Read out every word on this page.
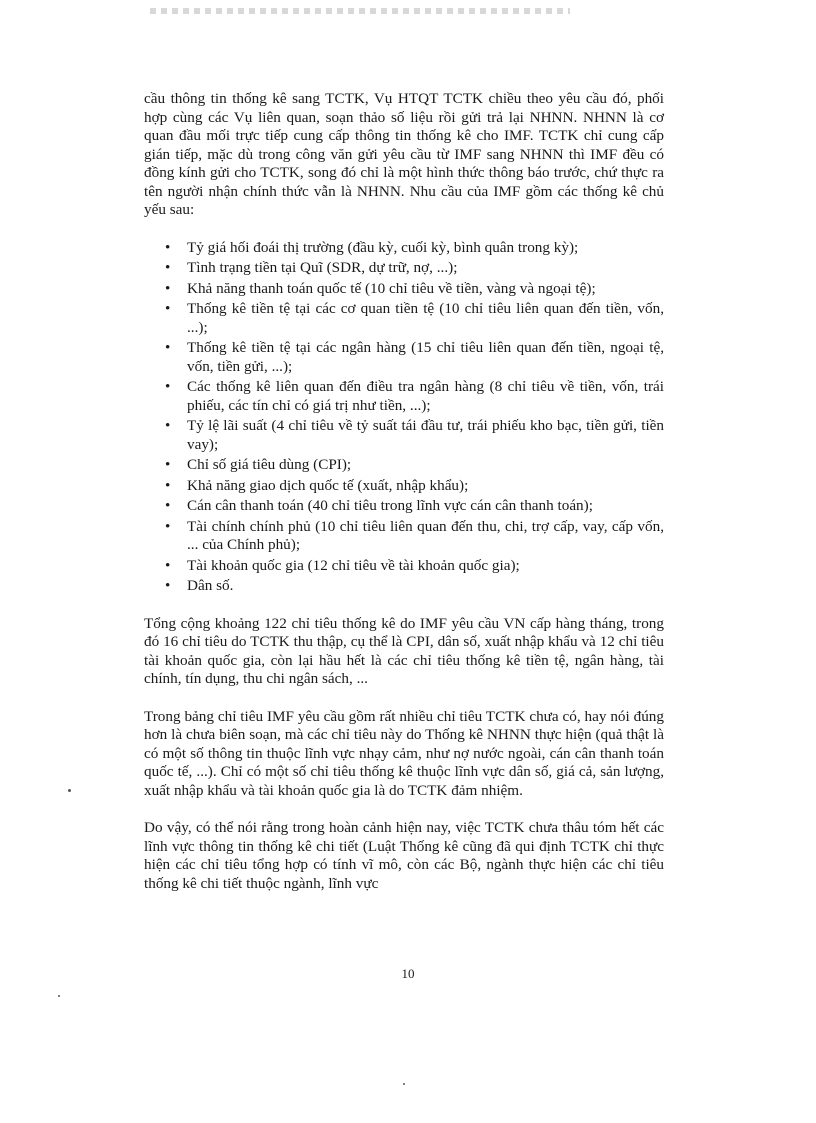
cầu thông tin thống kê sang TCTK, Vụ HTQT TCTK chiều theo yêu cầu đó, phối hợp cùng các Vụ liên quan, soạn thảo số liệu rồi gửi trả lại NHNN. NHNN là cơ quan đầu mối trực tiếp cung cấp thông tin thống kê cho IMF. TCTK chỉ cung cấp gián tiếp, mặc dù trong công văn gửi yêu cầu từ IMF sang NHNN thì IMF đều có đồng kính gửi cho TCTK, song đó chỉ là một hình thức thông báo trước, chứ thực ra tên người nhận chính thức vẫn là NHNN. Nhu cầu của IMF gồm các thống kê chủ yếu sau:

• Tỷ giá hối đoái thị trường (đầu kỳ, cuối kỳ, bình quân trong kỳ);
• Tình trạng tiền tại Quĩ (SDR, dự trữ, nợ, ...);
• Khả năng thanh toán quốc tế (10 chỉ tiêu về tiền, vàng và ngoại tệ);
• Thống kê tiền tệ tại các cơ quan tiền tệ (10 chỉ tiêu liên quan đến tiền, vốn, ...);
• Thống kê tiền tệ tại các ngân hàng (15 chỉ tiêu liên quan đến tiền, ngoại tệ, vốn, tiền gửi, ...);
• Các thống kê liên quan đến điều tra ngân hàng (8 chỉ tiêu về tiền, vốn, trái phiếu, các tín chỉ có giá trị như tiền, ...);
• Tỷ lệ lãi suất (4 chỉ tiêu về tỷ suất tái đầu tư, trái phiếu kho bạc, tiền gửi, tiền vay);
• Chỉ số giá tiêu dùng (CPI);
• Khả năng giao dịch quốc tế (xuất, nhập khẩu);
• Cán cân thanh toán (40 chỉ tiêu trong lĩnh vực cán cân thanh toán);
• Tài chính chính phủ (10 chỉ tiêu liên quan đến thu, chi, trợ cấp, vay, cấp vốn, ... của Chính phủ);
• Tài khoản quốc gia (12 chỉ tiêu về tài khoản quốc gia);
• Dân số.

Tổng cộng khoảng 122 chỉ tiêu thống kê do IMF yêu cầu VN cấp hàng tháng, trong đó 16 chỉ tiêu do TCTK thu thập, cụ thể là CPI, dân số, xuất nhập khẩu và 12 chỉ tiêu tài khoản quốc gia, còn lại hầu hết là các chỉ tiêu thống kê tiền tệ, ngân hàng, tài chính, tín dụng, thu chi ngân sách, ...

Trong bảng chỉ tiêu IMF yêu cầu gồm rất nhiều chỉ tiêu TCTK chưa có, hay nói đúng hơn là chưa biên soạn, mà các chỉ tiêu này do Thống kê NHNN thực hiện (quả thật là có một số thông tin thuộc lĩnh vực nhạy cảm, như nợ nước ngoài, cán cân thanh toán quốc tế, ...). Chỉ có một số chỉ tiêu thống kê thuộc lĩnh vực dân số, giá cả, sản lượng, xuất nhập khẩu và tài khoản quốc gia là do TCTK đảm nhiệm.

Do vậy, có thể nói rằng trong hoàn cảnh hiện nay, việc TCTK chưa thâu tóm hết các lĩnh vực thông tin thống kê chi tiết (Luật Thống kê cũng đã qui định TCTK chỉ thực hiện các chỉ tiêu tổng hợp có tính vĩ mô, còn các Bộ, ngành thực hiện các chỉ tiêu thống kê chi tiết thuộc ngành, lĩnh vực

10
